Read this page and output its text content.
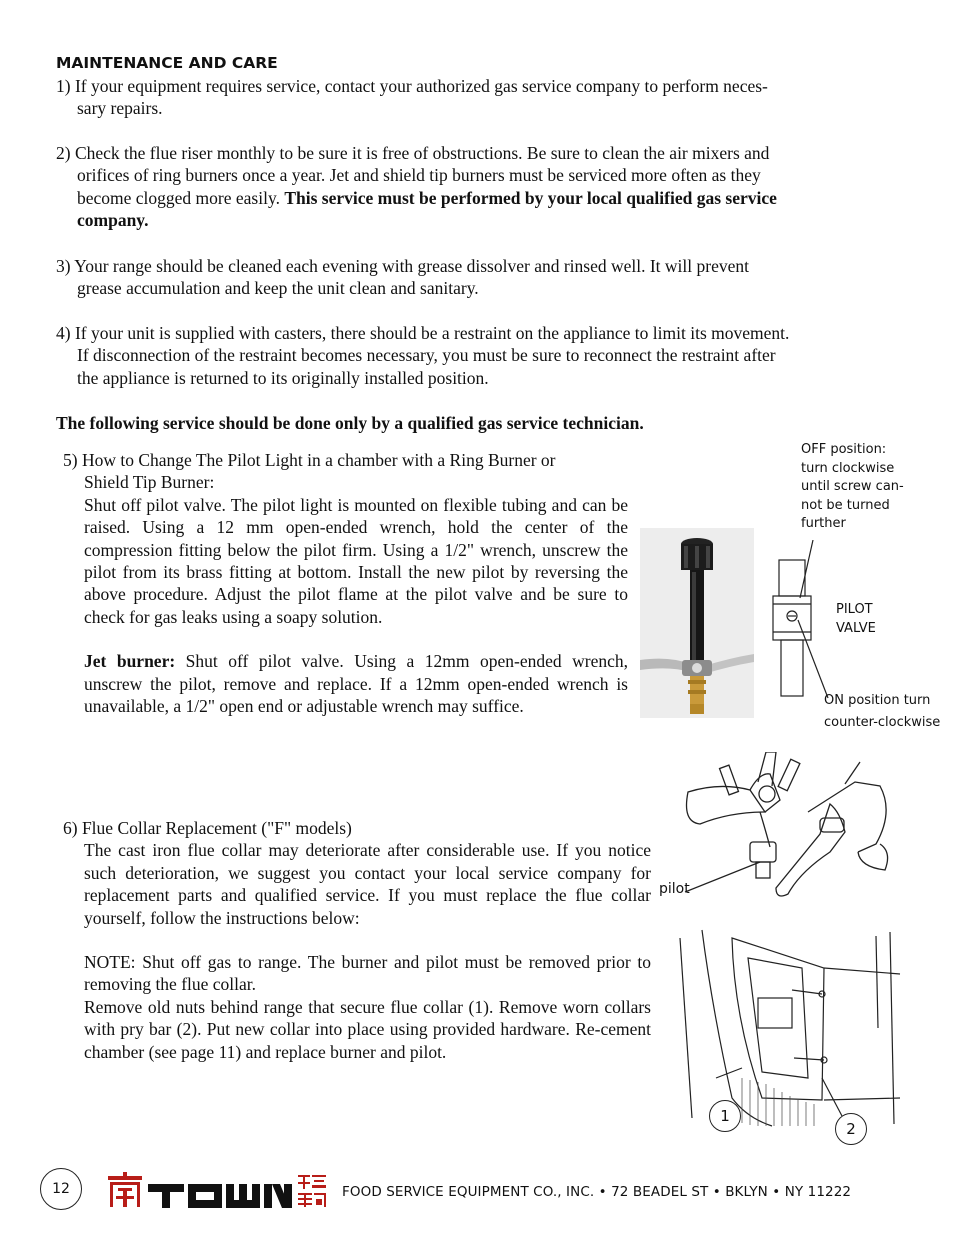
MAINTENANCE AND CARE
1) If your equipment requires service, contact your authorized gas service company to perform neces-
sary repairs.
2) Check the flue riser monthly to be sure it is free of obstructions. Be sure to clean the air mixers and
orifices of ring burners once a year. Jet and shield tip burners must be serviced more often as they
become clogged more easily. This service must be performed by your local qualified gas service
company.
3) Your range should be cleaned each evening with grease dissolver and rinsed well. It will prevent
grease accumulation and keep the unit clean and sanitary.
4) If your unit is supplied with casters, there should be a restraint on the appliance to limit its movement.
If disconnection of the restraint becomes necessary, you must be sure to reconnect the restraint after
the appliance is returned to its originally installed position.
The following service should be done only by a qualified gas service technician.
5) How to Change The Pilot Light in a chamber with a Ring Burner or
Shield Tip Burner:
Shut off pilot valve. The pilot light is mounted on flexible tubing and can be raised. Using a 12 mm open-ended wrench, hold the center of the compression fitting below the pilot firm. Using a 1/2" wrench, unscrew the pilot from its brass fitting at bottom. Install the new pilot by reversing the above procedure. Adjust the pilot flame at the pilot valve and be sure to check for gas leaks using a soapy solution.
Jet burner: Shut off pilot valve. Using a 12mm open-ended wrench, unscrew the pilot, remove and replace. If a 12mm open-ended wrench is unavailable, a 1/2" open end or adjustable wrench may suffice.
OFF position:
turn clockwise
until screw can-
not be turned
further
PILOT
VALVE
ON position turn
counter-clockwise
pilot
6) Flue Collar Replacement ("F" models)
The cast iron flue collar may deteriorate after considerable use. If you notice such deterioration, we suggest you contact your local service company for replacement parts and qualified service. If you must replace the flue collar yourself, follow the instructions below:
NOTE: Shut off gas to range. The burner and pilot must be removed prior to removing the flue collar.
Remove old nuts behind range that secure flue collar (1). Remove worn collars with pry bar (2). Put new collar into place using provided hardware. Re-cement chamber (see page 11) and replace burner and pilot.
1
2
12	FOOD SERVICE EQUIPMENT CO., INC. • 72 BEADEL ST • BKLYN • NY 11222
